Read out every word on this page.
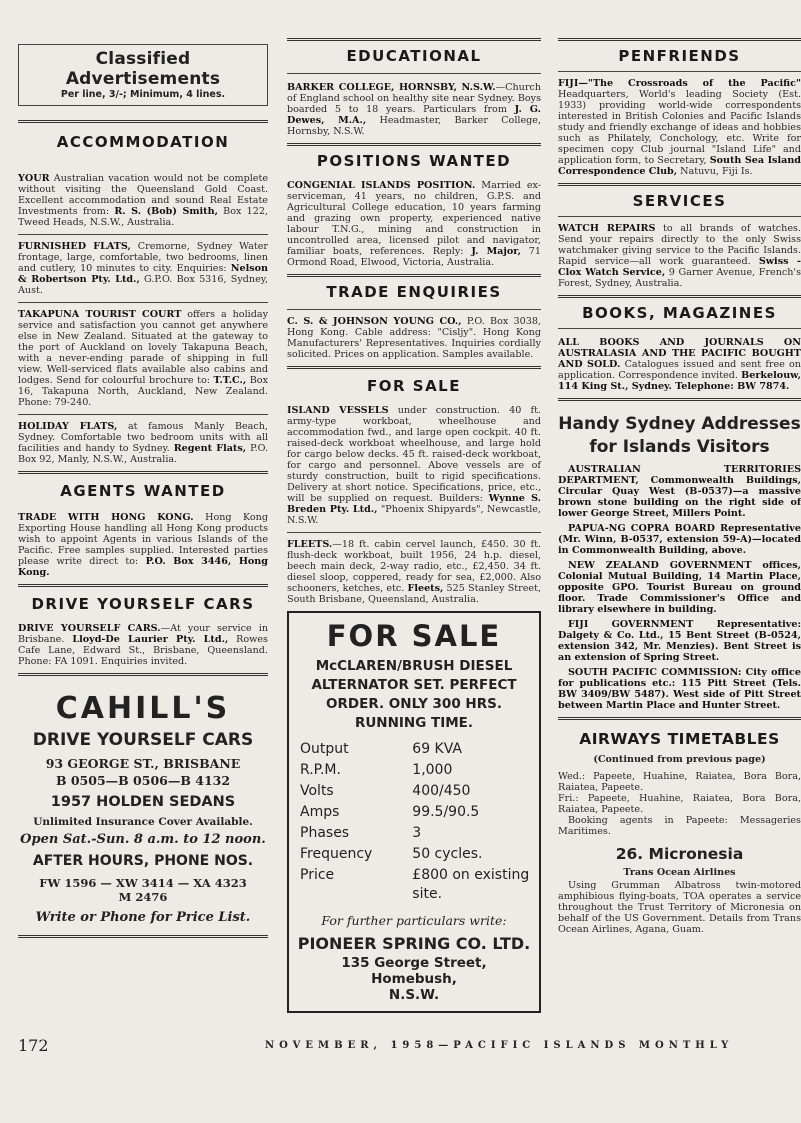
Classified Advertisements
Per line, 3/-; Minimum, 4 lines.
ACCOMMODATION

YOUR Australian vacation would not be complete without visiting the Queensland Gold Coast. Excellent accommodation and sound Real Estate Investments from: R. S. (Bob) Smith, Box 122, Tweed Heads, N.S.W., Australia.

FURNISHED FLATS, Cremorne, Sydney Water frontage, large, comfortable, two bedrooms, linen and cutlery, 10 minutes to city. Enquiries: Nelson & Robertson Pty. Ltd., G.P.O. Box 5316, Sydney, Aust.

TAKAPUNA TOURIST COURT offers a holiday service and satisfaction you cannot get anywhere else in New Zealand. Situated at the gateway to the port of Auckland on lovely Takapuna Beach, with a never-ending parade of shipping in full view. Well-serviced flats available also cabins and lodges. Send for colourful brochure to: T.T.C., Box 16, Takapuna North, Auckland, New Zealand. Phone: 79-240.

HOLIDAY FLATS, at famous Manly Beach, Sydney. Comfortable two bedroom units with all facilities and handy to Sydney. Regent Flats, P.O. Box 92, Manly, N.S.W., Australia.

AGENTS WANTED

TRADE WITH HONG KONG. Hong Kong Exporting House handling all Hong Kong products wish to appoint Agents in various Islands of the Pacific. Free samples supplied. Interested parties please write direct to: P.O. Box 3446, Hong Kong.

DRIVE YOURSELF CARS

DRIVE YOURSELF CARS.—At your service in Brisbane. Lloyd-De Laurier Pty. Ltd., Rowes Cafe Lane, Edward St., Brisbane, Queensland. Phone: FA 1091. Enquiries invited.

CAHILL'S
DRIVE YOURSELF CARS
93 GEORGE ST., BRISBANE
B 0505—B 0506—B 4132
1957 HOLDEN SEDANS
Unlimited Insurance Cover Available.
Open Sat.-Sun. 8 a.m. to 12 noon.
AFTER HOURS, PHONE NOS.
FW 1596 — XW 3414 — XA 4323
M 2476
Write or Phone for Price List.
EDUCATIONAL

BARKER COLLEGE, HORNSBY, N.S.W.—Church of England school on healthy site near Sydney. Boys boarded 5 to 18 years. Particulars from J. G. Dewes, M.A., Headmaster, Barker College, Hornsby, N.S.W.

POSITIONS WANTED

CONGENIAL ISLANDS POSITION. Married ex-serviceman, 41 years, no children, G.P.S. and Agricultural College education, 10 years farming and grazing own property, experienced native labour T.N.G., mining and construction in uncontrolled area, licensed pilot and navigator, familiar boats, references. Reply: J. Major, 71 Ormond Road, Elwood, Victoria, Australia.

TRADE ENQUIRIES

C. S. & JOHNSON YOUNG CO., P.O. Box 3038, Hong Kong. Cable address: "Cisljy". Hong Kong Manufacturers' Representatives. Inquiries cordially solicited. Prices on application. Samples available.

FOR SALE

ISLAND VESSELS under construction. 40 ft. army-type workboat, wheelhouse and accommodation fwd., and large open cockpit. 40 ft. raised-deck workboat wheelhouse, and large hold for cargo below decks. 45 ft. raised-deck workboat, for cargo and personnel. Above vessels are of sturdy construction, built to rigid specifications. Delivery at short notice. Specifications, price, etc., will be supplied on request. Builders: Wynne S. Breden Pty. Ltd., "Phoenix Shipyards", Newcastle, N.S.W.

FLEETS.—18 ft. cabin cervel launch, £450. 30 ft. flush-deck workboat, built 1956, 24 h.p. diesel, beech main deck, 2-way radio, etc., £2,450. 34 ft. diesel sloop, coppered, ready for sea, £2,000. Also schooners, ketches, etc. Fleets, 525 Stanley Street, South Brisbane, Queensland, Australia.

FOR SALE
McCLAREN/BRUSH DIESEL
ALTERNATOR SET. PERFECT
ORDER. ONLY 300 HRS.
RUNNING TIME.
Output	69 KVA
R.P.M.	1,000
Volts	400/450
Amps	99.5/90.5
Phases	3
Frequency	50 cycles.
Price	£800 on existing site.
For further particulars write:
PIONEER SPRING CO. LTD.
135 George Street, Homebush,
N.S.W.
PENFRIENDS

FIJI—"The Crossroads of the Pacific" Headquarters, World's leading Society (Est. 1933) providing world-wide correspondents interested in British Colonies and Pacific Islands study and friendly exchange of ideas and hobbies such as Philately, Conchology, etc. Write for specimen copy Club journal "Island Life" and application form, to Secretary, South Sea Island Correspondence Club, Natuvu, Fiji Is.

SERVICES

WATCH REPAIRS to all brands of watches. Send your repairs directly to the only Swiss watchmaker giving service to the Pacific Islands. Rapid service—all work guaranteed. Swiss - Clox Watch Service, 9 Garner Avenue, French's Forest, Sydney, Australia.

BOOKS, MAGAZINES

ALL BOOKS AND JOURNALS ON AUSTRALASIA AND THE PACIFIC BOUGHT AND SOLD. Catalogues issued and sent free on application. Correspondence invited. Berkelouw, 114 King St., Sydney. Telephone: BW 7874.

Handy Sydney Addresses for Islands Visitors

AUSTRALIAN TERRITORIES DEPARTMENT, Commonwealth Buildings, Circular Quay West (B-0537)—a massive brown stone building on the right side of lower George Street, Millers Point.

PAPUA-NG COPRA BOARD Representative (Mr. Winn, B-0537, extension 59-A)—located in Commonwealth Building, above.

NEW ZEALAND GOVERNMENT offices, Colonial Mutual Building, 14 Martin Place, opposite GPO. Tourist Bureau on ground floor. Trade Commissioner's Office and library elsewhere in building.

FIJI GOVERNMENT Representative: Dalgety & Co. Ltd., 15 Bent Street (B-0524, extension 342, Mr. Menzies). Bent Street is an extension of Spring Street.

SOUTH PACIFIC COMMISSION: City office for publications etc.: 115 Pitt Street (Tels. BW 3409/BW 5487). West side of Pitt Street between Martin Place and Hunter Street.

AIRWAYS TIMETABLES
(Continued from previous page)

Wed.: Papeete, Huahine, Raiatea, Bora Bora, Raiatea, Papeete.

Fri.: Papeete, Huahine, Raiatea, Bora Bora, Raiatea, Papeete.

Booking agents in Papeete: Messageries Maritimes.

26. Micronesia
Trans Ocean Airlines

Using Grumman Albatross twin-motored amphibious flying-boats, TOA operates a service throughout the Trust Territory of Micronesia on behalf of the US Government. Details from Trans Ocean Airlines, Agana, Guam.

172	NOVEMBER, 1958—PACIFIC ISLANDS MONTHLY
